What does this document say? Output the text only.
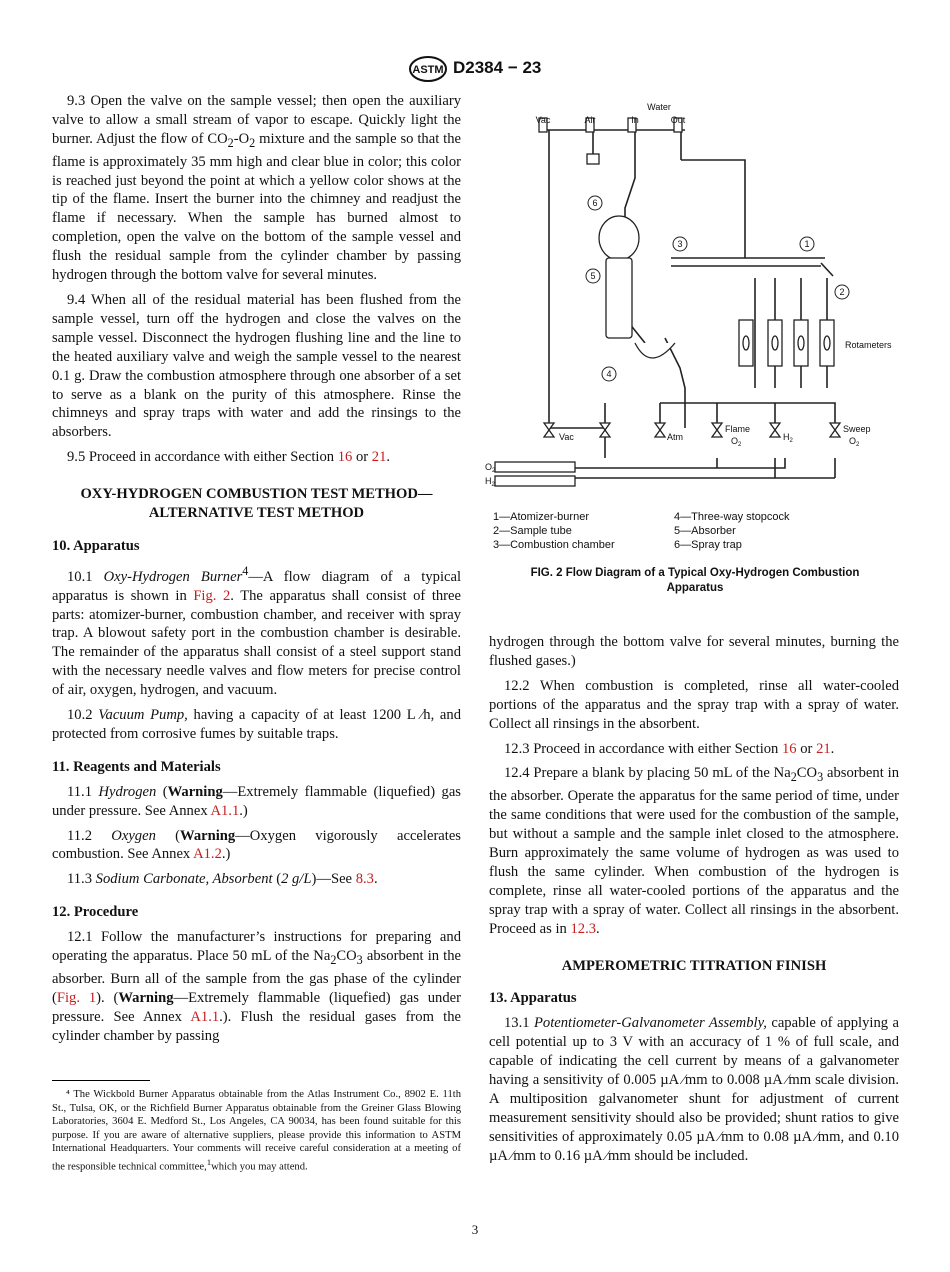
ASTM D2384 − 23

9.3 Open the valve on the sample vessel; then open the auxiliary valve to allow a small stream of vapor to escape. Quickly light the burner. Adjust the flow of $CO_2-O_2$ mixture and the sample so that the flame is approximately 35 mm high and clear blue in color; this color is reached just beyond the point at which a yellow color shows at the tip of the flame. Insert the burner into the chimney and readjust the flame if necessary. When the sample has burned almost to completion, open the valve on the bottom of the sample vessel and flush the residual sample from the cylinder chamber by passing hydrogen through the bottom valve for several minutes.

9.4 When all of the residual material has been flushed from the sample vessel, turn off the hydrogen and close the valves on the sample vessel. Disconnect the hydrogen flushing line and the line to the heated auxiliary valve and weigh the sample vessel to the nearest 0.1 g. Draw the combustion atmosphere through one absorber of a set to serve as a blank on the purity of this atmosphere. Rinse the chimneys and spray traps with water and add the rinsings to the absorbers.

9.5 Proceed in accordance with either Section 16 or 21.

OXY-HYDROGEN COMBUSTION TEST METHOD—
ALTERNATIVE TEST METHOD
10. Apparatus

10.1 Oxy-Hydrogen Burner$^4$—A flow diagram of a typical apparatus is shown in Fig. 2. The apparatus shall consist of three parts: atomizer-burner, combustion chamber, and receiver with spray trap. A blowout safety port in the combustion chamber is desirable. The remainder of the apparatus shall consist of a steel support stand with the necessary needle valves and flow meters for precise control of air, oxygen, hydrogen, and vacuum.

10.2 Vacuum Pump, having a capacity of at least 1200 L ⁄h, and protected from corrosive fumes by suitable traps.

11. Reagents and Materials

11.1 Hydrogen (Warning—Extremely flammable (liquefied) gas under pressure. See Annex A1.1.)

11.2 Oxygen (Warning—Oxygen vigorously accelerates combustion. See Annex A1.2.)

11.3 Sodium Carbonate, Absorbent (2 g/L)—See 8.3.

12. Procedure

12.1 Follow the manufacturer’s instructions for preparing and operating the apparatus. Place 50 mL of the $Na_2CO_3$ absorbent in the absorber. Burn all of the sample from the gas phase of the cylinder (Fig. 1). (Warning—Extremely flammable (liquefied) gas under pressure. See Annex A1.1.). Flush the residual gases from the cylinder chamber by passing

1
2
3
4
5
6
Water
Vac	Air	In	Out
Rotameters
Vac	Atm
Flame
$O_2$
$H_2$
Sweep
$O_2$
$O_2$
$H_2$
1—Atomizer-burner
2—Sample tube
3—Combustion chamber
4—Three-way stopcock
5—Absorber
6—Spray trap
FIG. 2 Flow Diagram of a Typical Oxy-Hydrogen Combustion
Apparatus

hydrogen through the bottom valve for several minutes, burning the flushed gases.)

12.2 When combustion is completed, rinse all water-cooled portions of the apparatus and the spray trap with a spray of water. Collect all rinsings in the absorbent.

12.3 Proceed in accordance with either Section 16 or 21.

12.4 Prepare a blank by placing 50 mL of the $Na_2CO_3$ absorbent in the absorber. Operate the apparatus for the same period of time, under the same conditions that were used for the combustion of the sample, but without a sample and the sample inlet closed to the atmosphere. Burn approximately the same volume of hydrogen as was used to flush the same cylinder. When combustion of the hydrogen is complete, rinse all water-cooled portions of the apparatus and the spray trap with a spray of water. Collect all rinsings in the absorbent. Proceed as in 12.3.

AMPEROMETRIC TITRATION FINISH
13. Apparatus

13.1 Potentiometer-Galvanometer Assembly, capable of applying a cell potential up to 3 V with an accuracy of 1 % of full scale, and capable of indicating the cell current by means of a galvanometer having a sensitivity of 0.005 µA ⁄mm to 0.008 µA ⁄mm scale division. A multiposition galvanometer shunt for adjustment of current measurement sensitivity should also be provided; shunt ratios to give sensitivities of approximately 0.05 µA ⁄mm to 0.08 µA ⁄mm, and 0.10 µA ⁄mm to 0.16 µA ⁄mm should be included.

⁴ The Wickbold Burner Apparatus obtainable from the Atlas Instrument Co., 8902 E. 11th St., Tulsa, OK, or the Richfield Burner Apparatus obtainable from the Greiner Glass Blowing Laboratories, 3604 E. Medford St., Los Angeles, CA 90034, has been found suitable for this purpose. If you are aware of alternative suppliers, please provide this information to ASTM International Headquarters. Your comments will receive careful consideration at a meeting of the responsible technical committee,$^1$which you may attend.
3
